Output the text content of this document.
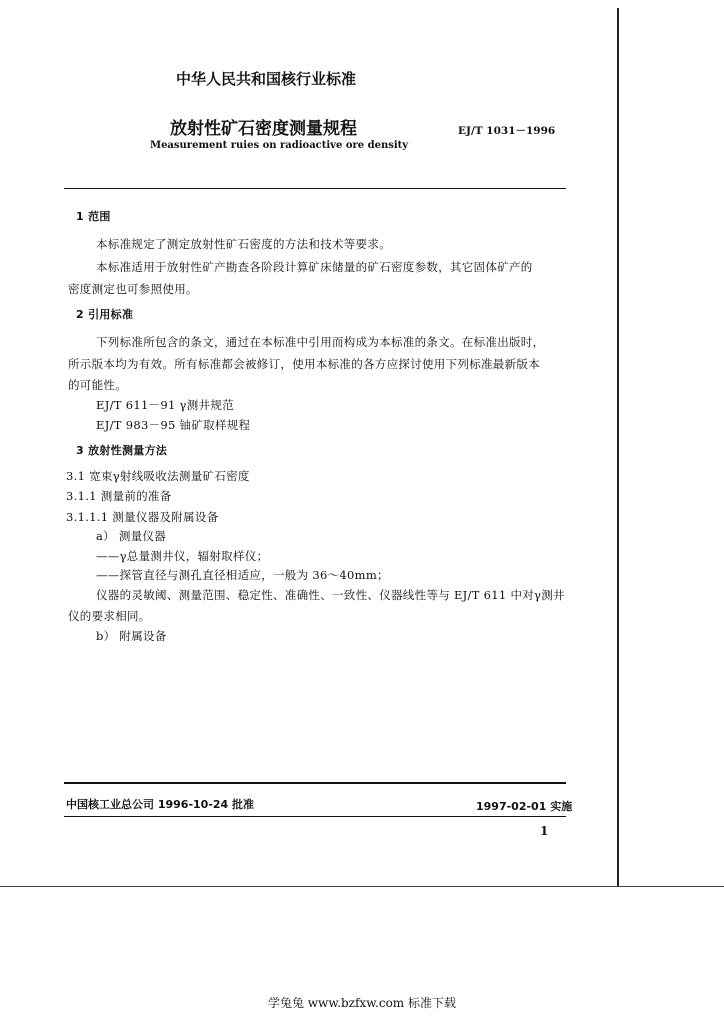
中华人民共和国核行业标准
放射性矿石密度测量规程	EJ/T 1031－1996
Measurement ruies on radioactive ore density
1 范围
本标准规定了测定放射性矿石密度的方法和技术等要求。
本标准适用于放射性矿产勘查各阶段计算矿床储量的矿石密度参数，其它固体矿产的
密度测定也可参照使用。
2 引用标准
下列标准所包含的条文，通过在本标准中引用而构成为本标准的条文。在标准出版时，
所示版本均为有效。所有标准都会被修订，使用本标准的各方应探讨使用下列标准最新版本
的可能性。
EJ/T 611－91 γ测井规范
EJ/T 983－95 铀矿取样规程
3 放射性测量方法
3.1 宽束γ射线吸收法测量矿石密度
3.1.1 测量前的准备
3.1.1.1 测量仪器及附属设备
a） 测量仪器
——γ总量测井仪，辐射取样仪；
——探管直径与测孔直径相适应，一般为 36～40mm；
仪器的灵敏阈、测量范围、稳定性、准确性、一致性、仪器线性等与 EJ/T 611 中对γ测井
仪的要求相同。
b） 附属设备
中国核工业总公司 1996-10-24 批准	1997-02-01 实施
1
学兔兔 www.bzfxw.com 标准下载
